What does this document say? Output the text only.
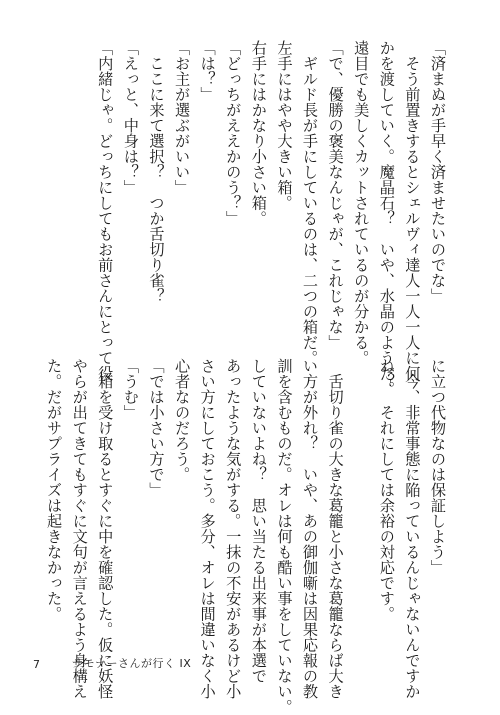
「済まぬが手早く済ませたいのでな」
　そう前置きするとシェルヴィ達人一人一人に何
かを渡していく。魔晶石？　いや、水晶のようだ。
遠目でも美しくカットされているのが分かる。
「で、優勝の褒美なんじゃが、これじゃな」
　ギルド長が手にしているのは、二つの箱だ。
左手にはやや大きい箱。
右手にはかなり小さい箱。
「どっちがええかのう？」
「は？」
「お主が選ぶがいい」
　ここに来て選択？　つか舌切り雀？
「えっと、中身は？」
「内緒じゃ。どっちにしてもお前さんにとって役
に立つ代物なのは保証しよう」
　今、非常事態に陥っているんじゃないんですか
ね？　それにしては余裕の対応です。
　舌切り雀の大きな葛籠と小さな葛籠ならば大き
い方が外れ？　いや、あの御伽噺は因果応報の教
訓を含むものだ。オレは何も酷い事をしていない。
していないよね？　思い当たる出来事が本選で
あったような気がする。一抹の不安があるけど小
さい方にしておこう。多分、オレは間違いなく小
心者なのだろう。
「では小さい方で」
「うむ」
　箱を受け取るとすぐに中を確認した。仮に妖怪
やらが出てきてもすぐに文句が言えるよう身構え
た。だがサプライズは起きなかった。
7	サモナーさんが行く IX
